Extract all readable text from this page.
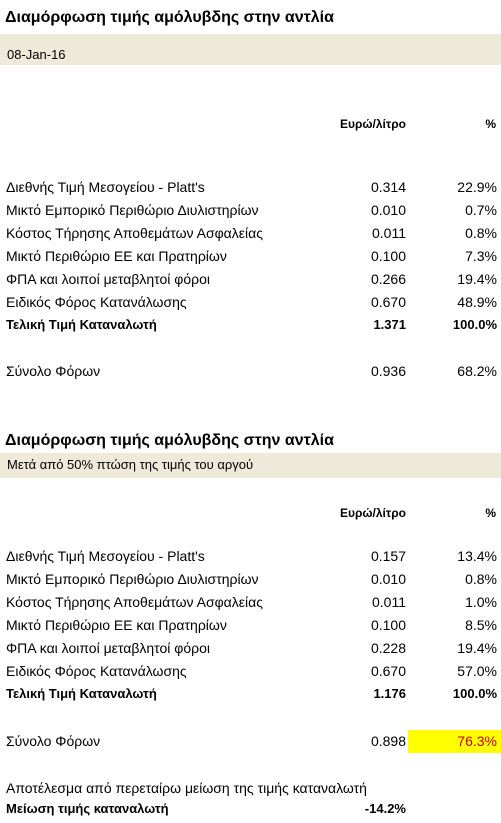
Διαμόρφωση τιμής αμόλυβδης στην αντλία
08-Jan-16
Ευρώ/λίτρο	%
Διεθνής Τιμή Μεσογείου - Platt's	0.314	22.9%
Μικτό Εμπορικό Περιθώριο Διυλιστηρίων	0.010	0.7%
Κόστος Τήρησης Αποθεμάτων Ασφαλείας	0.011	0.8%
Μικτό Περιθώριο ΕΕ και Πρατηρίων	0.100	7.3%
ΦΠΑ και λοιποί μεταβλητοί φόροι	0.266	19.4%
Ειδικός Φόρος Κατανάλωσης	0.670	48.9%
Τελική Τιμή Καταναλωτή	1.371	100.0%
Σύνολο Φόρων	0.936	68.2%
Διαμόρφωση τιμής αμόλυβδης στην αντλία
Μετά από 50% πτώση της τιμής του αργού
Ευρώ/λίτρο	%
Διεθνής Τιμή Μεσογείου - Platt's	0.157	13.4%
Μικτό Εμπορικό Περιθώριο Διυλιστηρίων	0.010	0.8%
Κόστος Τήρησης Αποθεμάτων Ασφαλείας	0.011	1.0%
Μικτό Περιθώριο ΕΕ και Πρατηρίων	0.100	8.5%
ΦΠΑ και λοιποί μεταβλητοί φόροι	0.228	19.4%
Ειδικός Φόρος Κατανάλωσης	0.670	57.0%
Τελική Τιμή Καταναλωτή	1.176	100.0%
Σύνολο Φόρων	0.898	76.3%
Αποτέλεσμα από περεταίρω μείωση της τιμής καταναλωτή
Μείωση τιμής καταναλωτή	-14.2%
